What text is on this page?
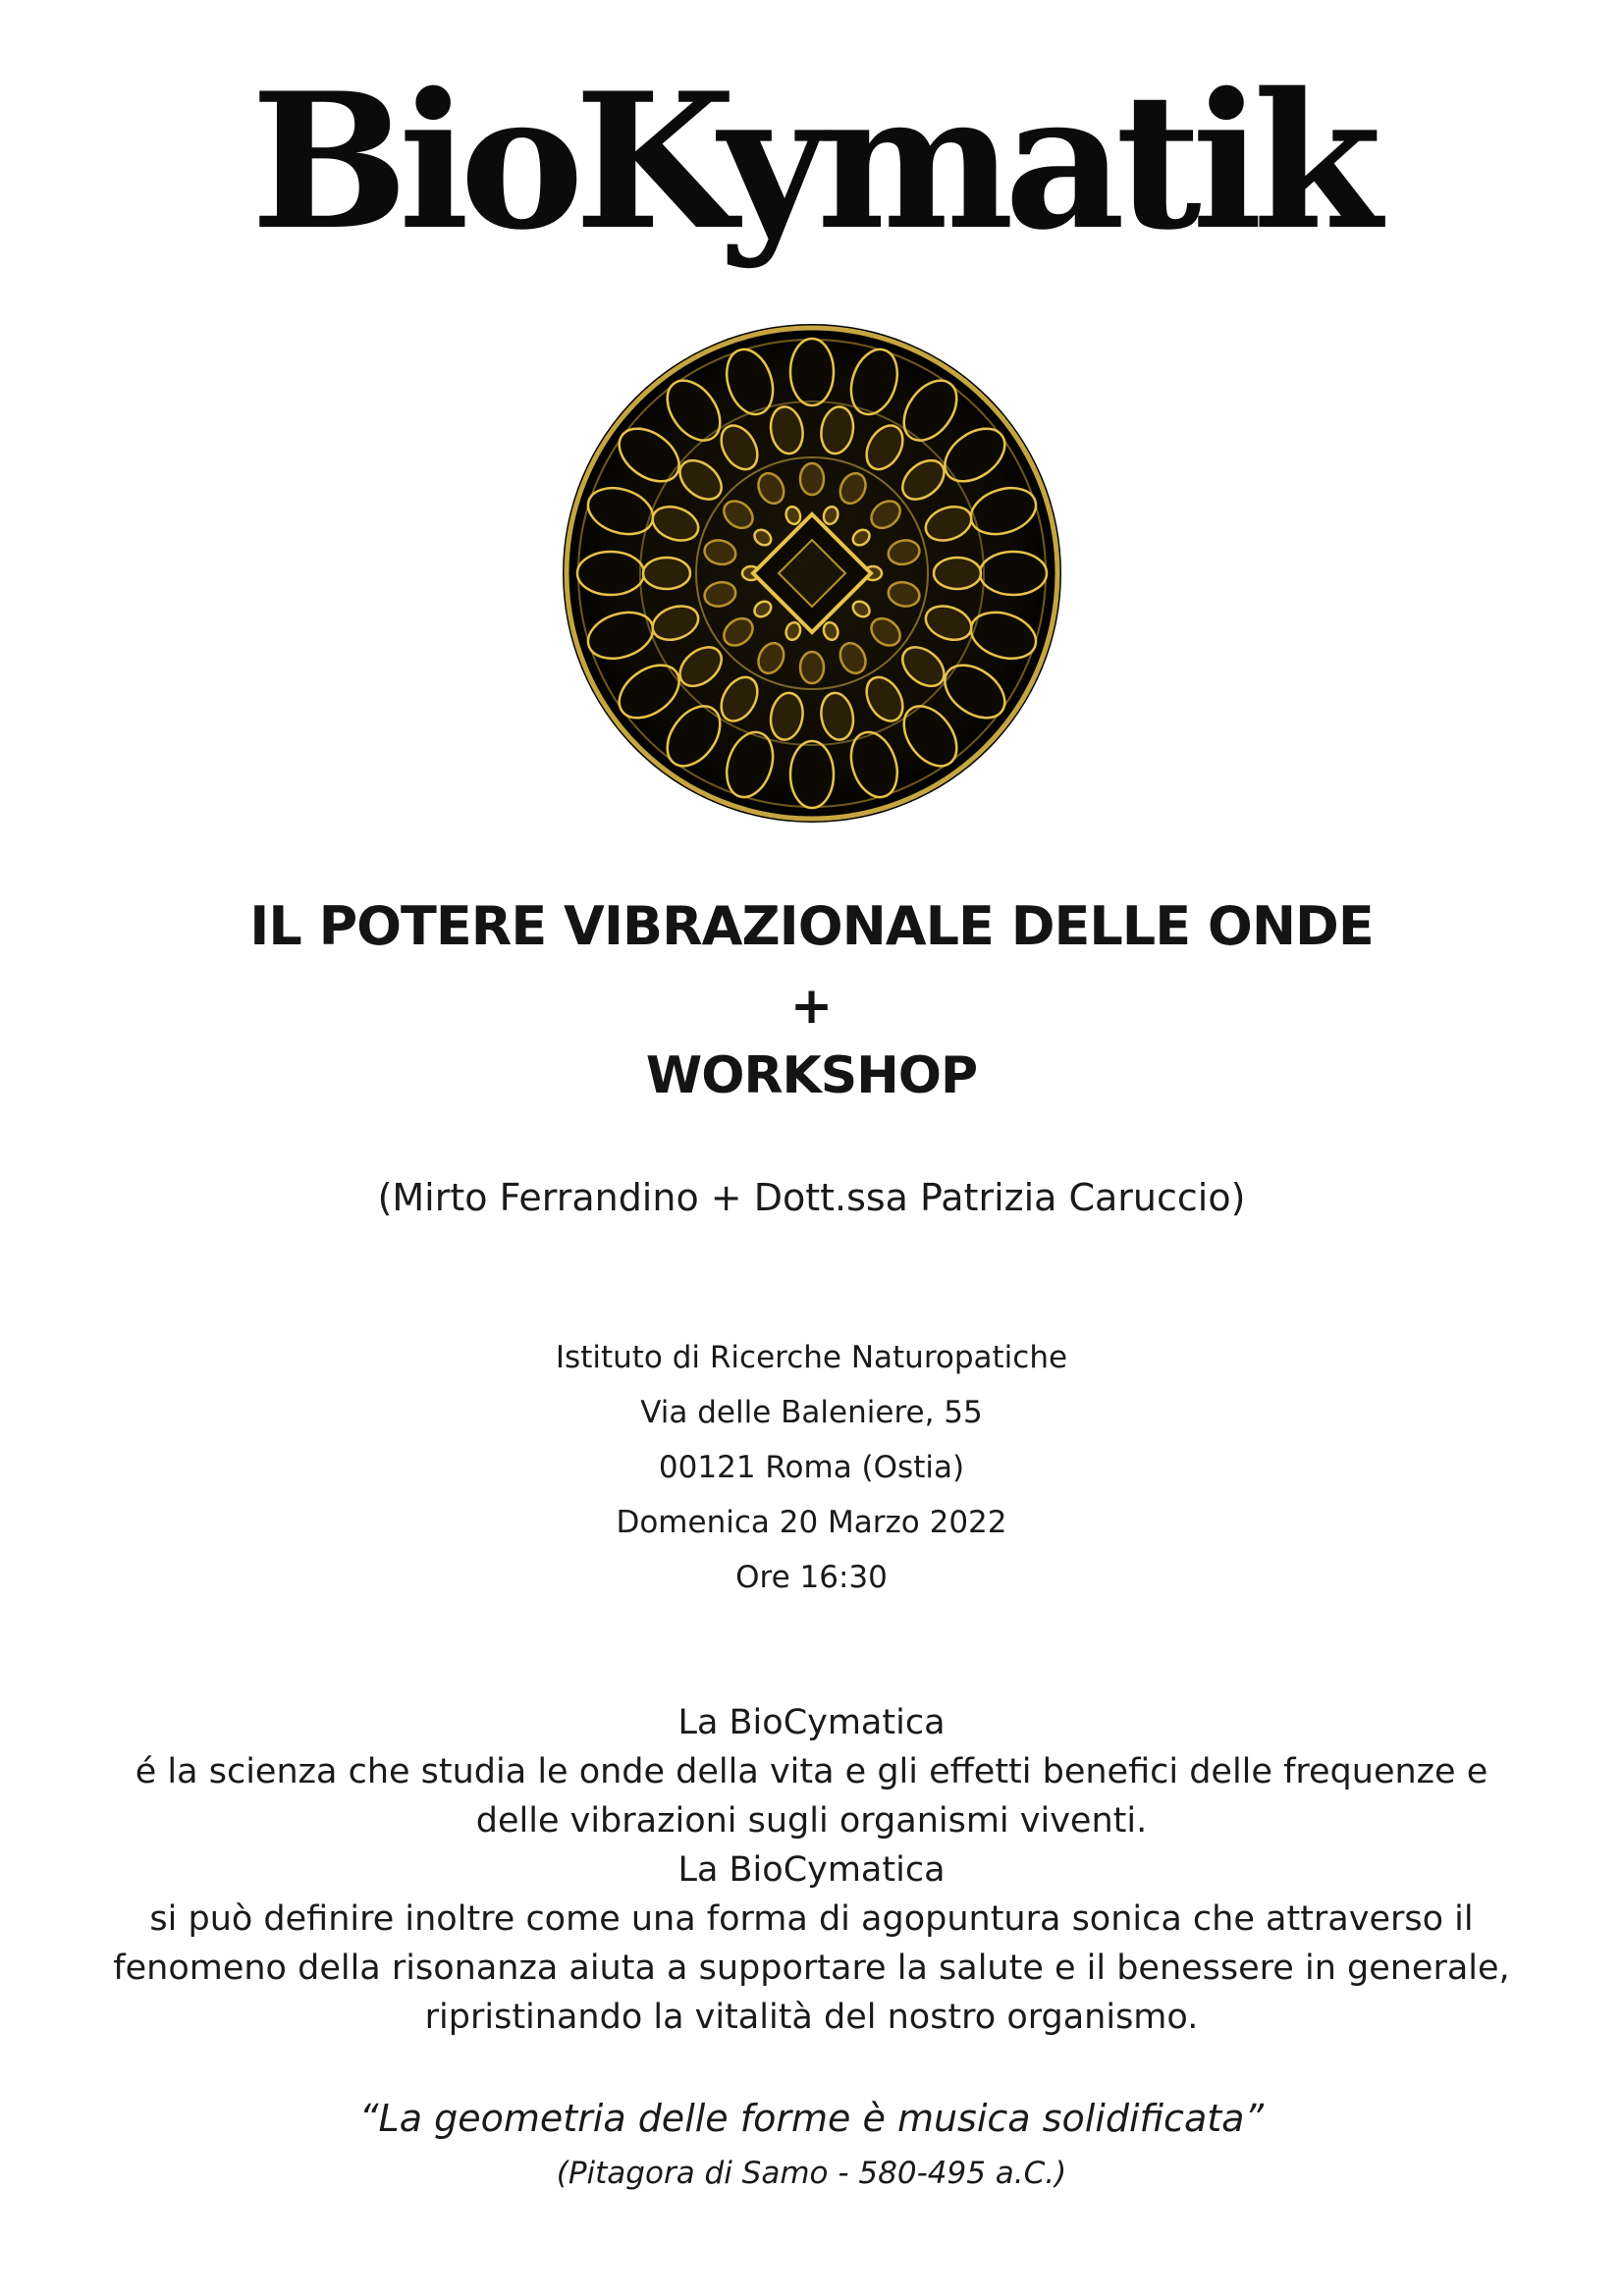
BioKymatik
IL POTERE VIBRAZIONALE DELLE ONDE
+
WORKSHOP
(Mirto Ferrandino + Dott.ssa Patrizia Caruccio)
Istituto di Ricerche Naturopatiche
Via delle Baleniere, 55
00121 Roma (Ostia)
Domenica 20 Marzo 2022
Ore 16:30
La BioCymatica
é la scienza che studia le onde della vita e gli effetti benefici delle frequenze e
delle vibrazioni sugli organismi viventi.
La BioCymatica
si può definire inoltre come una forma di agopuntura sonica che attraverso il
fenomeno della risonanza aiuta a supportare la salute e il benessere in generale,
ripristinando la vitalità del nostro organismo.
“La geometria delle forme è musica solidificata”
(Pitagora di Samo - 580-495 a.C.)
